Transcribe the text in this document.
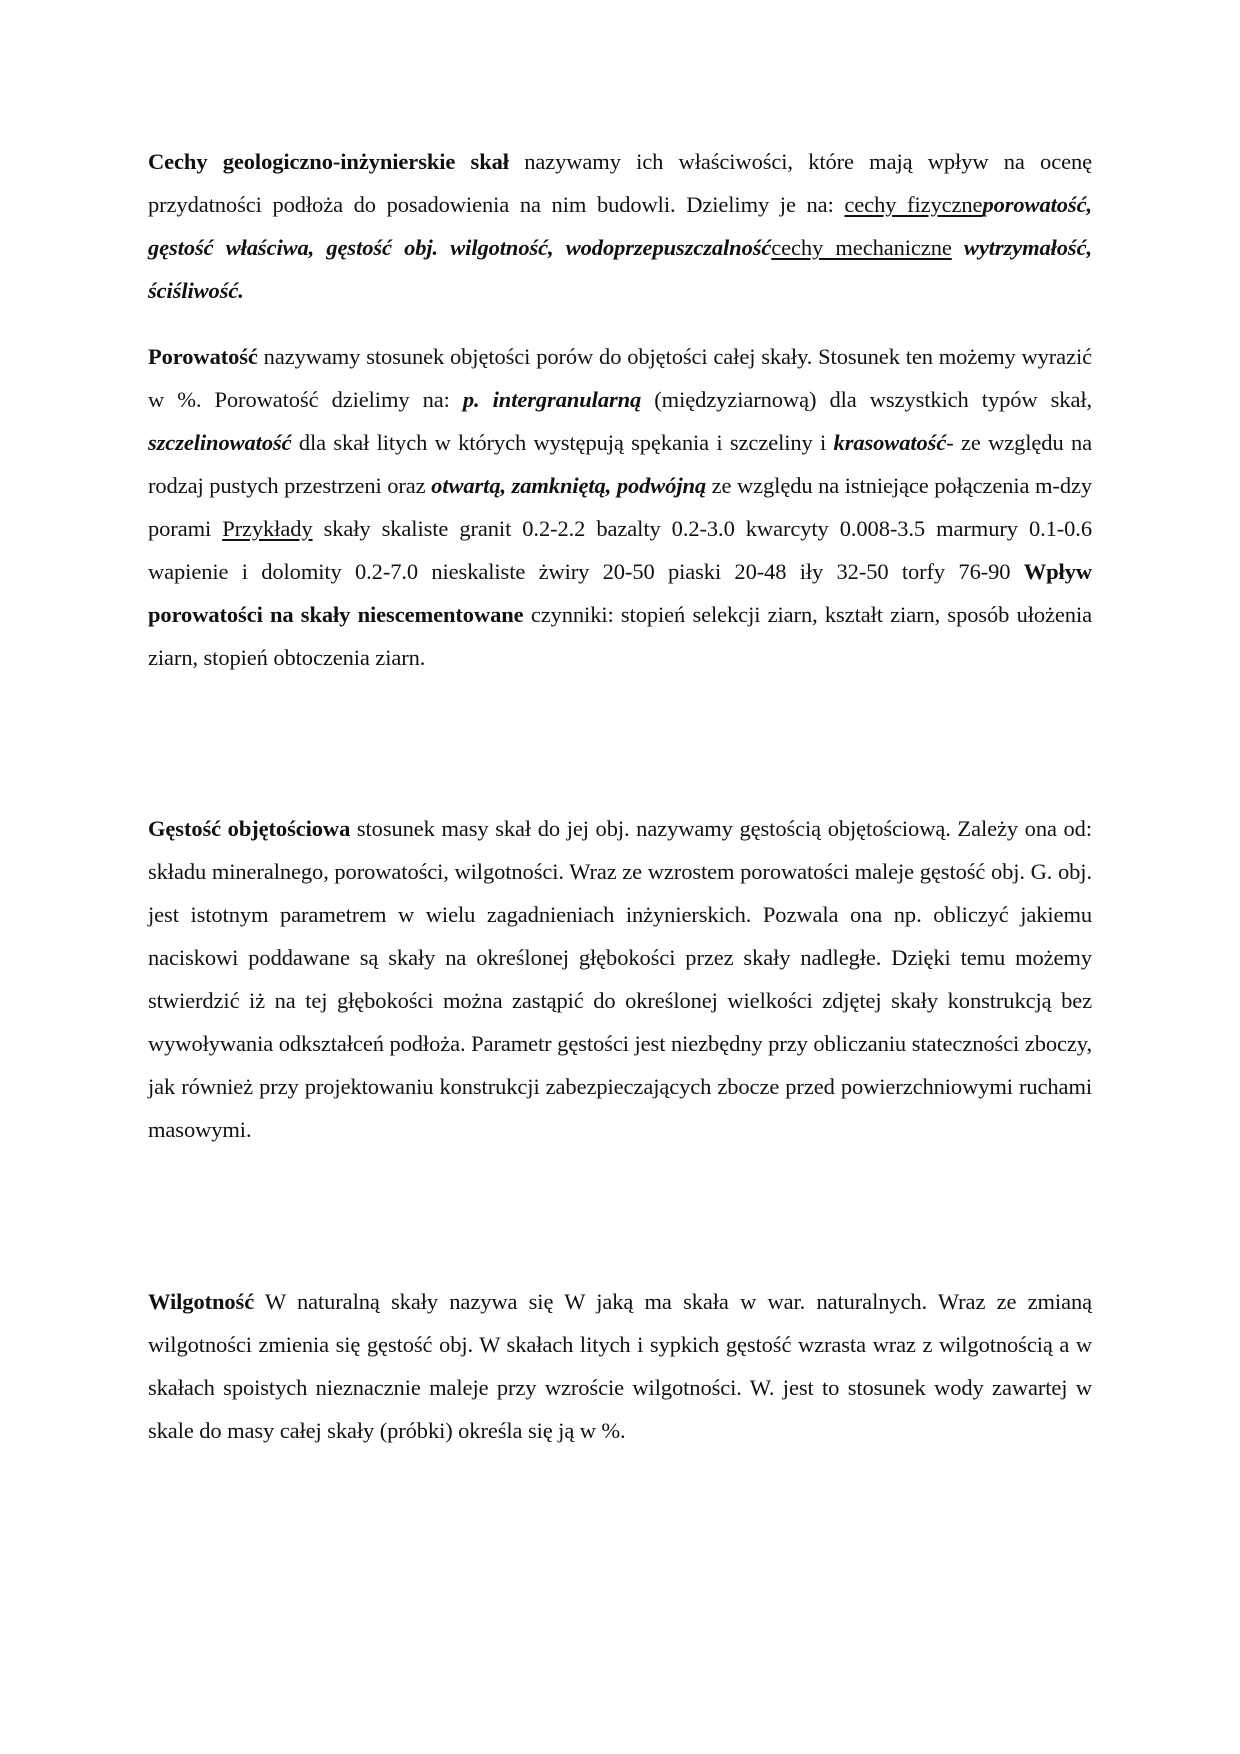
Cechy geologiczno-inżynierskie skał nazywamy ich właściwości, które mają wpływ na ocenę przydatności podłoża do posadowienia na nim budowli. Dzielimy je na: cechy fizyczneporowatość, gęstość właściwa, gęstość obj. wilgotność, wodoprzepuszczalnośćcechy mechaniczne wytrzymałość, ściśliwość.

Porowatość nazywamy stosunek objętości porów do objętości całej skały. Stosunek ten możemy wyrazić w %. Porowatość dzielimy na: p. intergranularną (międzyziarnową) dla wszystkich typów skał, szczelinowatość dla skał litych w których występują spękania i szczeliny i krasowatość- ze względu na rodzaj pustych przestrzeni oraz otwartą, zamkniętą, podwójną ze względu na istniejące połączenia m-dzy porami Przykłady skały skaliste granit 0.2-2.2 bazalty 0.2-3.0 kwarcyty 0.008-3.5 marmury 0.1-0.6 wapienie i dolomity 0.2-7.0 nieskaliste żwiry 20-50 piaski 20-48 iły 32-50 torfy 76-90 Wpływ porowatości na skały niescementowane czynniki: stopień selekcji ziarn, kształt ziarn, sposób ułożenia ziarn, stopień obtoczenia ziarn.

Gęstość objętościowa stosunek masy skał do jej obj. nazywamy gęstością objętościową. Zależy ona od: składu mineralnego, porowatości, wilgotności. Wraz ze wzrostem porowatości maleje gęstość obj. G. obj. jest istotnym parametrem w wielu zagadnieniach inżynierskich. Pozwala ona np. obliczyć jakiemu naciskowi poddawane są skały na określonej głębokości przez skały nadległe. Dzięki temu możemy stwierdzić iż na tej głębokości można zastąpić do określonej wielkości zdjętej skały konstrukcją bez wywoływania odkształceń podłoża. Parametr gęstości jest niezbędny przy obliczaniu stateczności zboczy, jak również przy projektowaniu konstrukcji zabezpieczających zbocze przed powierzchniowymi ruchami masowymi.

Wilgotność W naturalną skały nazywa się W jaką ma skała w war. naturalnych. Wraz ze zmianą wilgotności zmienia się gęstość obj. W skałach litych i sypkich gęstość wzrasta wraz z wilgotnością a w skałach spoistych nieznacznie maleje przy wzroście wilgotności. W. jest to stosunek wody zawartej w skale do masy całej skały (próbki) określa się ją w %.
